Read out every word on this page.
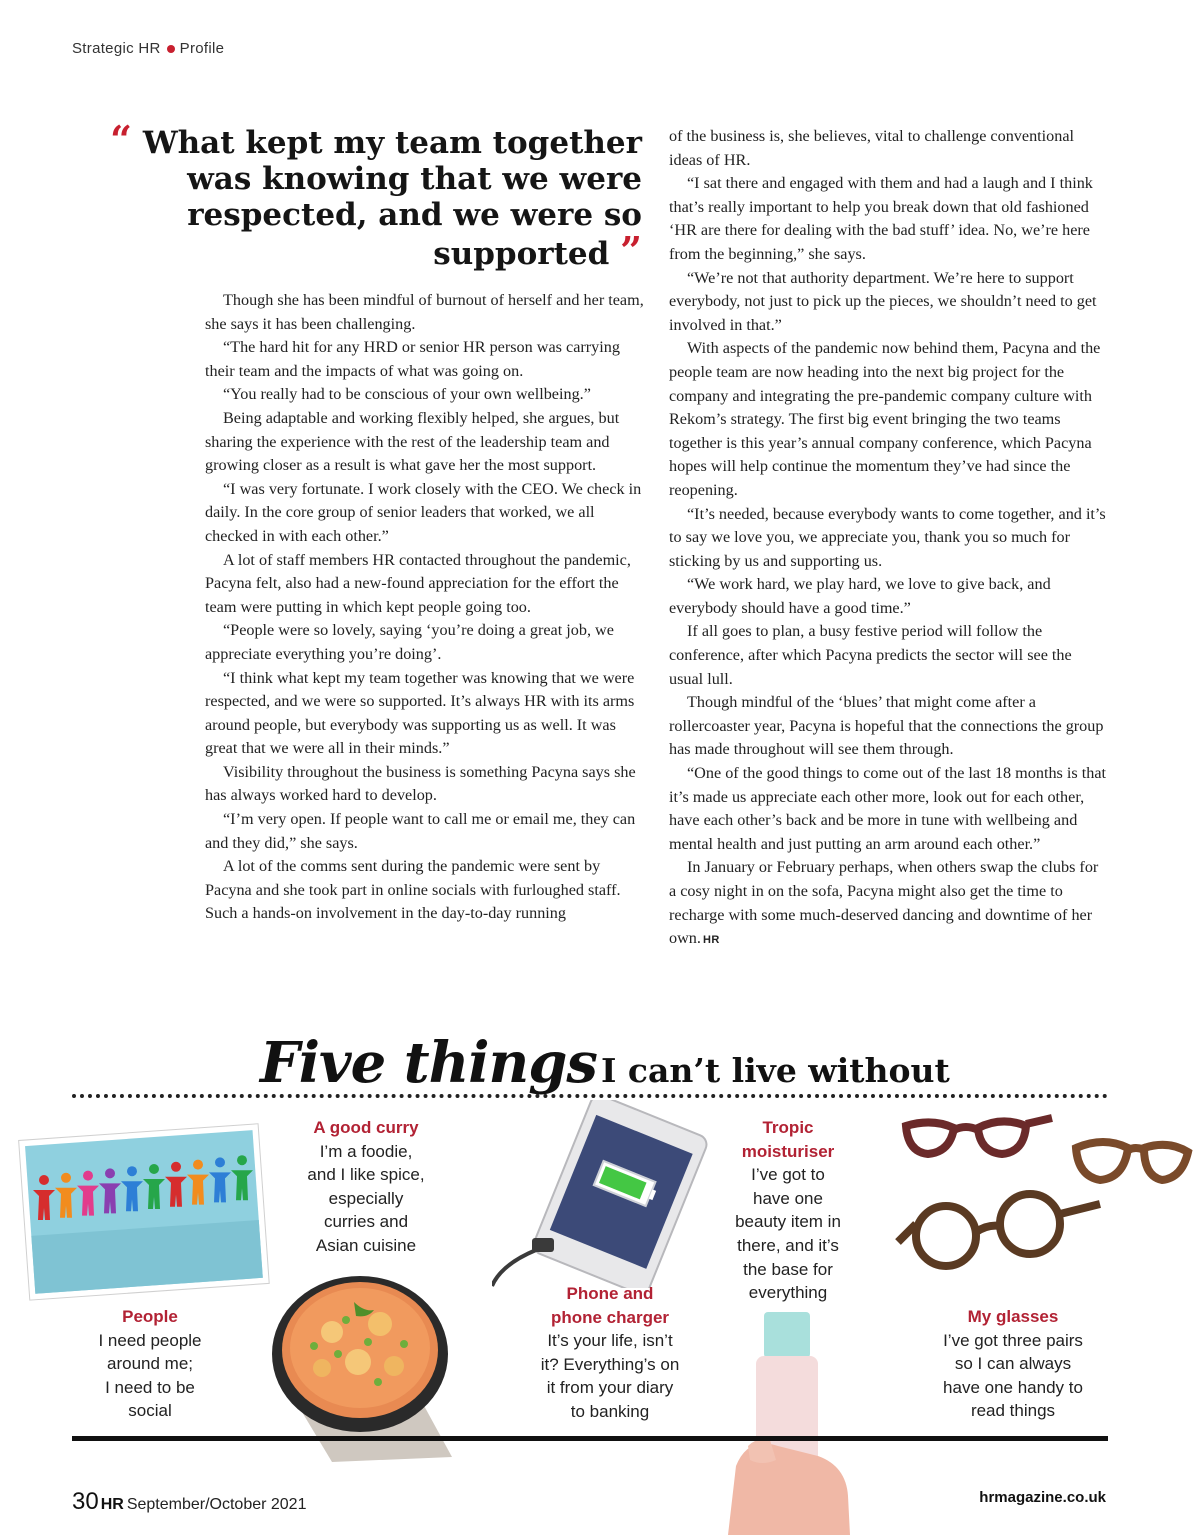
Strategic HR Profile
“ What kept my team together was knowing that we were respected, and we were so supported ”

Though she has been mindful of burnout of herself and her team, she says it has been challenging.

“The hard hit for any HRD or senior HR person was carrying their team and the impacts of what was going on.

“You really had to be conscious of your own wellbeing.”

Being adaptable and working flexibly helped, she argues, but sharing the experience with the rest of the leadership team and growing closer as a result is what gave her the most support.

“I was very fortunate. I work closely with the CEO. We check in daily. In the core group of senior leaders that worked, we all checked in with each other.”

A lot of staff members HR contacted throughout the pandemic, Pacyna felt, also had a new-found appreciation for the effort the team were putting in which kept people going too.

“People were so lovely, saying ‘you’re doing a great job, we appreciate everything you’re doing’.

“I think what kept my team together was knowing that we were respected, and we were so supported. It’s always HR with its arms around people, but everybody was supporting us as well. It was great that we were all in their minds.”

Visibility throughout the business is something Pacyna says she has always worked hard to develop.

“I’m very open. If people want to call me or email me, they can and they did,” she says.

A lot of the comms sent during the pandemic were sent by Pacyna and she took part in online socials with furloughed staff. Such a hands-on involvement in the day-to-day running

of the business is, she believes, vital to challenge conventional ideas of HR.

“I sat there and engaged with them and had a laugh and I think that’s really important to help you break down that old fashioned ‘HR are there for dealing with the bad stuff’ idea. No, we’re here from the beginning,” she says.

“We’re not that authority department. We’re here to support everybody, not just to pick up the pieces, we shouldn’t need to get involved in that.”

With aspects of the pandemic now behind them, Pacyna and the people team are now heading into the next big project for the company and integrating the pre-pandemic company culture with Rekom’s strategy. The first big event bringing the two teams together is this year’s annual company conference, which Pacyna hopes will help continue the momentum they’ve had since the reopening.

“It’s needed, because everybody wants to come together, and it’s to say we love you, we appreciate you, thank you so much for sticking by us and supporting us.

“We work hard, we play hard, we love to give back, and everybody should have a good time.”

If all goes to plan, a busy festive period will follow the conference, after which Pacyna predicts the sector will see the usual lull.

Though mindful of the ‘blues’ that might come after a rollercoaster year, Pacyna is hopeful that the connections the group has made throughout will see them through.

“One of the good things to come out of the last 18 months is that it’s made us appreciate each other more, look out for each other, have each other’s back and be more in tune with wellbeing and mental health and just putting an arm around each other.”

In January or February perhaps, when others swap the clubs for a cosy night in on the sofa, Pacyna might also get the time to recharge with some much-deserved dancing and downtime of her own. HR

Five things I can’t live without
People
I need people
around me;
I need to be
social
A good curry
I’m a foodie,
and I like spice,
especially
curries and
Asian cuisine
Phone and
phone charger
It’s your life, isn’t
it? Everything’s on
it from your diary
to banking
Tropic
moisturiser
I’ve got to
have one
beauty item in
there, and it’s
the base for
everything
My glasses
I’ve got three pairs
so I can always
have one handy to
read things
30 HR September/October 2021	hrmagazine.co.uk
